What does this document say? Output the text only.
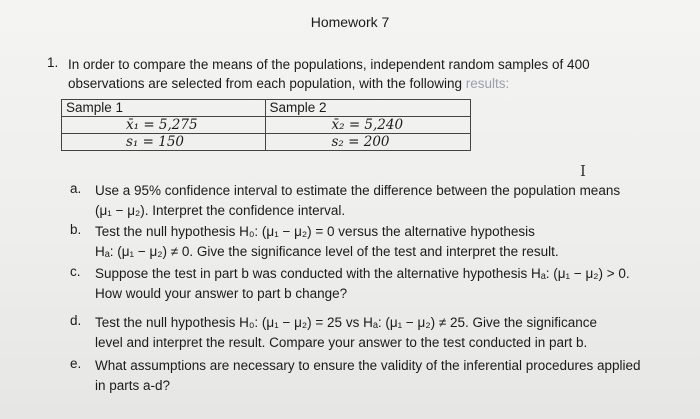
Homework 7
1. In order to compare the means of the populations, independent random samples of 400
observations are selected from each population, with the following results:
Sample 1	Sample 2
x̄₁ = 5,275	x̄₂ = 5,240
s₁ = 150	s₂ = 200
I
a. Use a 95% confidence interval to estimate the difference between the population means
(μ₁ − μ₂). Interpret the confidence interval.
b. Test the null hypothesis H₀: (μ₁ − μ₂) = 0 versus the alternative hypothesis
Hₐ: (μ₁ − μ₂) ≠ 0. Give the significance level of the test and interpret the result.
c. Suppose the test in part b was conducted with the alternative hypothesis Hₐ: (μ₁ − μ₂) > 0.
How would your answer to part b change?
d. Test the null hypothesis H₀: (μ₁ − μ₂) = 25 vs Hₐ: (μ₁ − μ₂) ≠ 25. Give the significance
level and interpret the result. Compare your answer to the test conducted in part b.
e. What assumptions are necessary to ensure the validity of the inferential procedures applied
in parts a-d?
